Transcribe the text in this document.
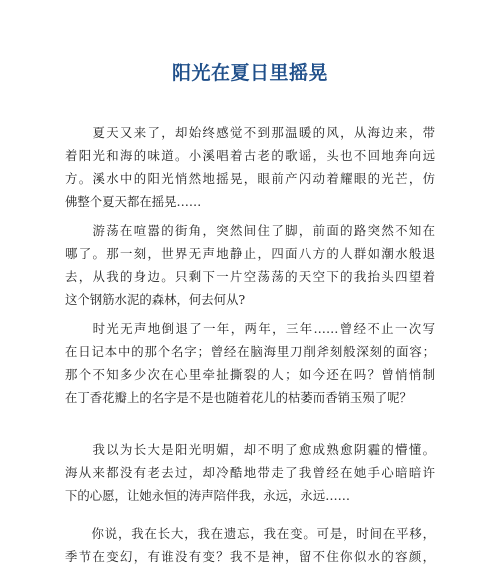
阳光在夏日里摇晃
　　夏天又来了，却始终感觉不到那温暖的风，从海边来，带
着阳光和海的味道。小溪唱着古老的歌谣，头也不回地奔向远
方。溪水中的阳光悄然地摇晃，眼前产闪动着耀眼的光芒，仿
佛整个夏天都在摇晃……
　　游荡在喧嚣的街角，突然间住了脚，前面的路突然不知在
哪了。那一刻，世界无声地静止，四面八方的人群如潮水般退
去，从我的身边。只剩下一片空荡荡的天空下的我抬头四望着
这个钢筋水泥的森林，何去何从?
　　时光无声地倒退了一年，两年，三年……曾经不止一次写
在日记本中的那个名字；曾经在脑海里刀削斧刻般深刻的面容；
那个不知多少次在心里牵扯撕裂的人；如今还在吗？曾悄悄制
在丁香花瓣上的名字是不是也随着花儿的枯萎而香销玉殒了呢？
　　我以为长大是阳光明媚，却不明了愈成熟愈阴霾的懵懂。
海从来都没有老去过，却冷酷地带走了我曾经在她手心暗暗许
下的心愿，让她永恒的涛声陪伴我，永远，永远……
　　你说，我在长大，我在遗忘，我在变。可是，时间在平移，
季节在变幻，有谁没有变？我不是神，留不住你似水的容颜，
